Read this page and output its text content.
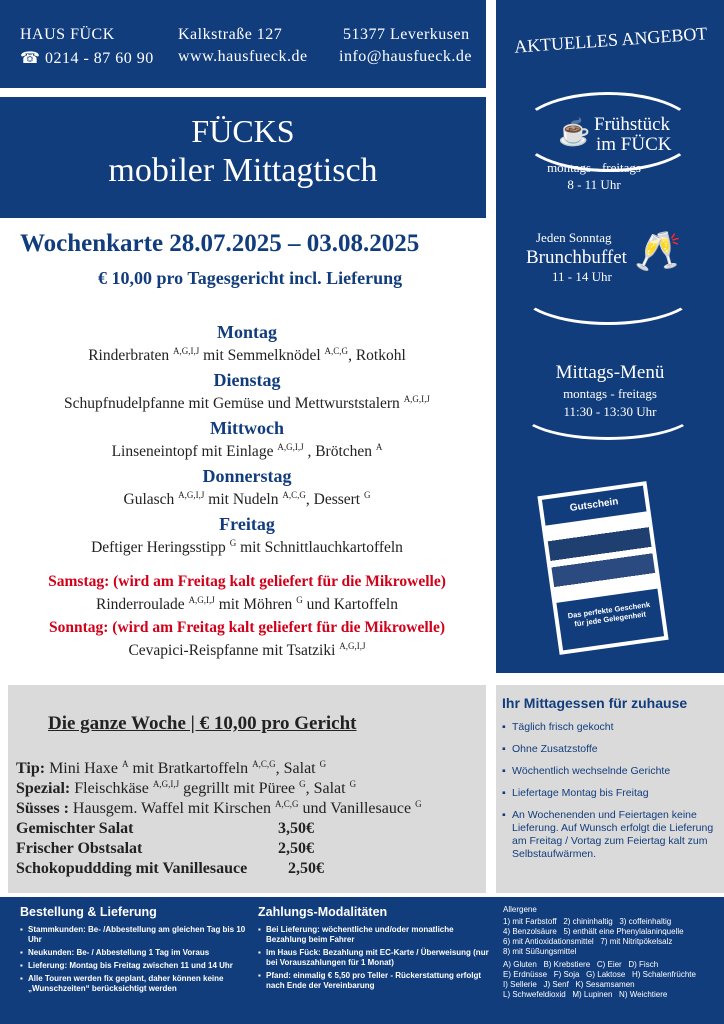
HAUS FÜCK
☎ 0214 - 87 60 90
Kalkstraße 127
www.hausfueck.de
51377 Leverkusen
info@hausfueck.de
FÜCKS
mobiler Mittagtisch
Wochenkarte 28.07.2025 – 03.08.2025
€ 10,00 pro Tagesgericht incl. Lieferung
Montag
Rinderbraten $^{A,G,I,J}$ mit Semmelknödel $^{A,C,G}$, Rotkohl
Dienstag
Schupfnudelpfanne mit Gemüse und Mettwurststalern $^{A,G,I,J}$
Mittwoch
Linseneintopf mit Einlage $^{A,G,I,J}$ , Brötchen $^A$
Donnerstag
Gulasch $^{A,G,I,J}$ mit Nudeln $^{A,C,G}$, Dessert $^G$
Freitag
Deftiger Heringsstipp $^G$ mit Schnittlauchkartoffeln
Samstag: (wird am Freitag kalt geliefert für die Mikrowelle)
Rinderroulade $^{A,G,I,J}$ mit Möhren $^G$ und Kartoffeln
Sonntag: (wird am Freitag kalt geliefert für die Mikrowelle)
Cevapici-Reispfanne mit Tsatziki $^{A,G,I,J}$
Die ganze Woche | € 10,00 pro Gericht
Tip: Mini Haxe $^A$ mit Bratkartoffeln $^{A,C,G}$, Salat $^G$
Spezial: Fleischkäse $^{A,G,I,J}$ gegrillt mit Püree $^G$, Salat $^G$
Süsses : Hausgem. Waffel mit Kirschen $^{A,C,G}$ und Vanillesauce $^G$
Gemischter Salat	3,50€
Frischer Obstsalat	2,50€
Schokopuddding mit Vanillesauce	2,50€
AKTUELLES ANGEBOT
☕ Frühstück
im FÜCK
montags - freitags
8 - 11 Uhr
Jeden Sonntag
Brunchbuffet
11 - 14 Uhr
🥂
Mittags-Menü
montags - freitags
11:30 - 13:30 Uhr
Gutschein
Das perfekte Geschenk für jede Gelegenheit
Ihr Mittagessen für zuhause
▪ Täglich frisch gekocht
▪ Ohne Zusatzstoffe
▪ Wöchentlich wechselnde Gerichte
▪ Liefertage Montag bis Freitag
▪ An Wochenenden und Feiertagen keine Lieferung. Auf Wunsch erfolgt die Lieferung am Freitag / Vortag zum Feiertag kalt zum Selbstaufwärmen.
Bestellung & Lieferung
▪ Stammkunden: Be- /Abbestellung am gleichen Tag bis 10 Uhr
▪ Neukunden: Be- / Abbestellung 1 Tag im Voraus
▪ Lieferung: Montag bis Freitag zwischen 11 und 14 Uhr
▪ Alle Touren werden fix geplant, daher können keine „Wunschzeiten“ berücksichtigt werden
Zahlungs-Modalitäten
▪ Bei Lieferung: wöchentliche und/oder monatliche Bezahlung beim Fahrer
▪ Im Haus Fück: Bezahlung mit EC-Karte / Überweisung (nur bei Vorauszahlungen für 1 Monat)
▪ Pfand: einmalig € 5,50 pro Teller - Rückerstattung erfolgt nach Ende der Vereinbarung
Allergene
1) mit Farbstoff   2) chininhaltig   3) coffeinhaltig
4) Benzolsäure   5) enthält eine Phenylalaninquelle
6) mit Antioxidationsmittel   7) mit Nitritpökelsalz
8) mit Süßungsmittel
A) Gluten   B) Krebstiere   C) Eier   D) Fisch
E) Erdnüsse   F) Soja   G) Laktose   H) Schalenfrüchte
I) Sellerie   J) Senf   K) Sesamsamen
L) Schwefeldioxid   M) Lupinen   N) Weichtiere
